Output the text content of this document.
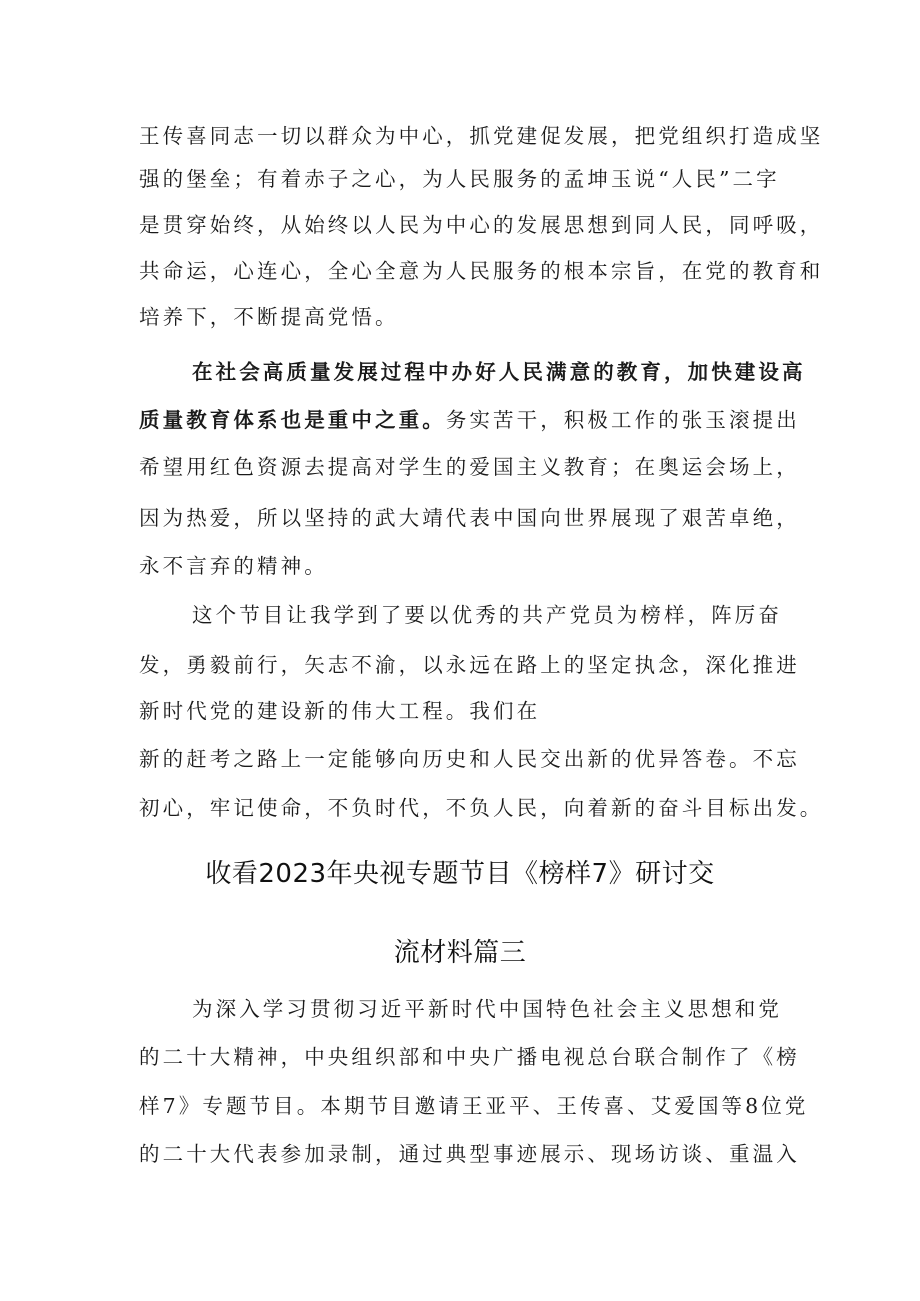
王传喜同志一切以群众为中心，抓党建促发展，把党组织打造成坚
强的堡垒；有着赤子之心，为人民服务的孟坤玉说“人民”二字
是贯穿始终，从始终以人民为中心的发展思想到同人民，同呼吸，
共命运，心连心，全心全意为人民服务的根本宗旨，在党的教育和
培养下，不断提高党悟。
在社会高质量发展过程中办好人民满意的教育，加快建设高
质量教育体系也是重中之重。务实苦干，积极工作的张玉滚提出
希望用红色资源去提高对学生的爱国主义教育；在奥运会场上，
因为热爱，所以坚持的武大靖代表中国向世界展现了艰苦卓绝，
永不言弃的精神。
这个节目让我学到了要以优秀的共产党员为榜样，阵厉奋
发，勇毅前行，矢志不渝，以永远在路上的坚定执念，深化推进
新时代党的建设新的伟大工程。我们在
新的赶考之路上一定能够向历史和人民交出新的优异答卷。不忘
初心，牢记使命，不负时代，不负人民，向着新的奋斗目标出发。
收看2023年央视专题节目《榜样7》研讨交
流材料篇三
为深入学习贯彻习近平新时代中国特色社会主义思想和党
的二十大精神，中央组织部和中央广播电视总台联合制作了《榜
样7》专题节目。本期节目邀请王亚平、王传喜、艾爱国等8位党
的二十大代表参加录制，通过典型事迹展示、现场访谈、重温入
